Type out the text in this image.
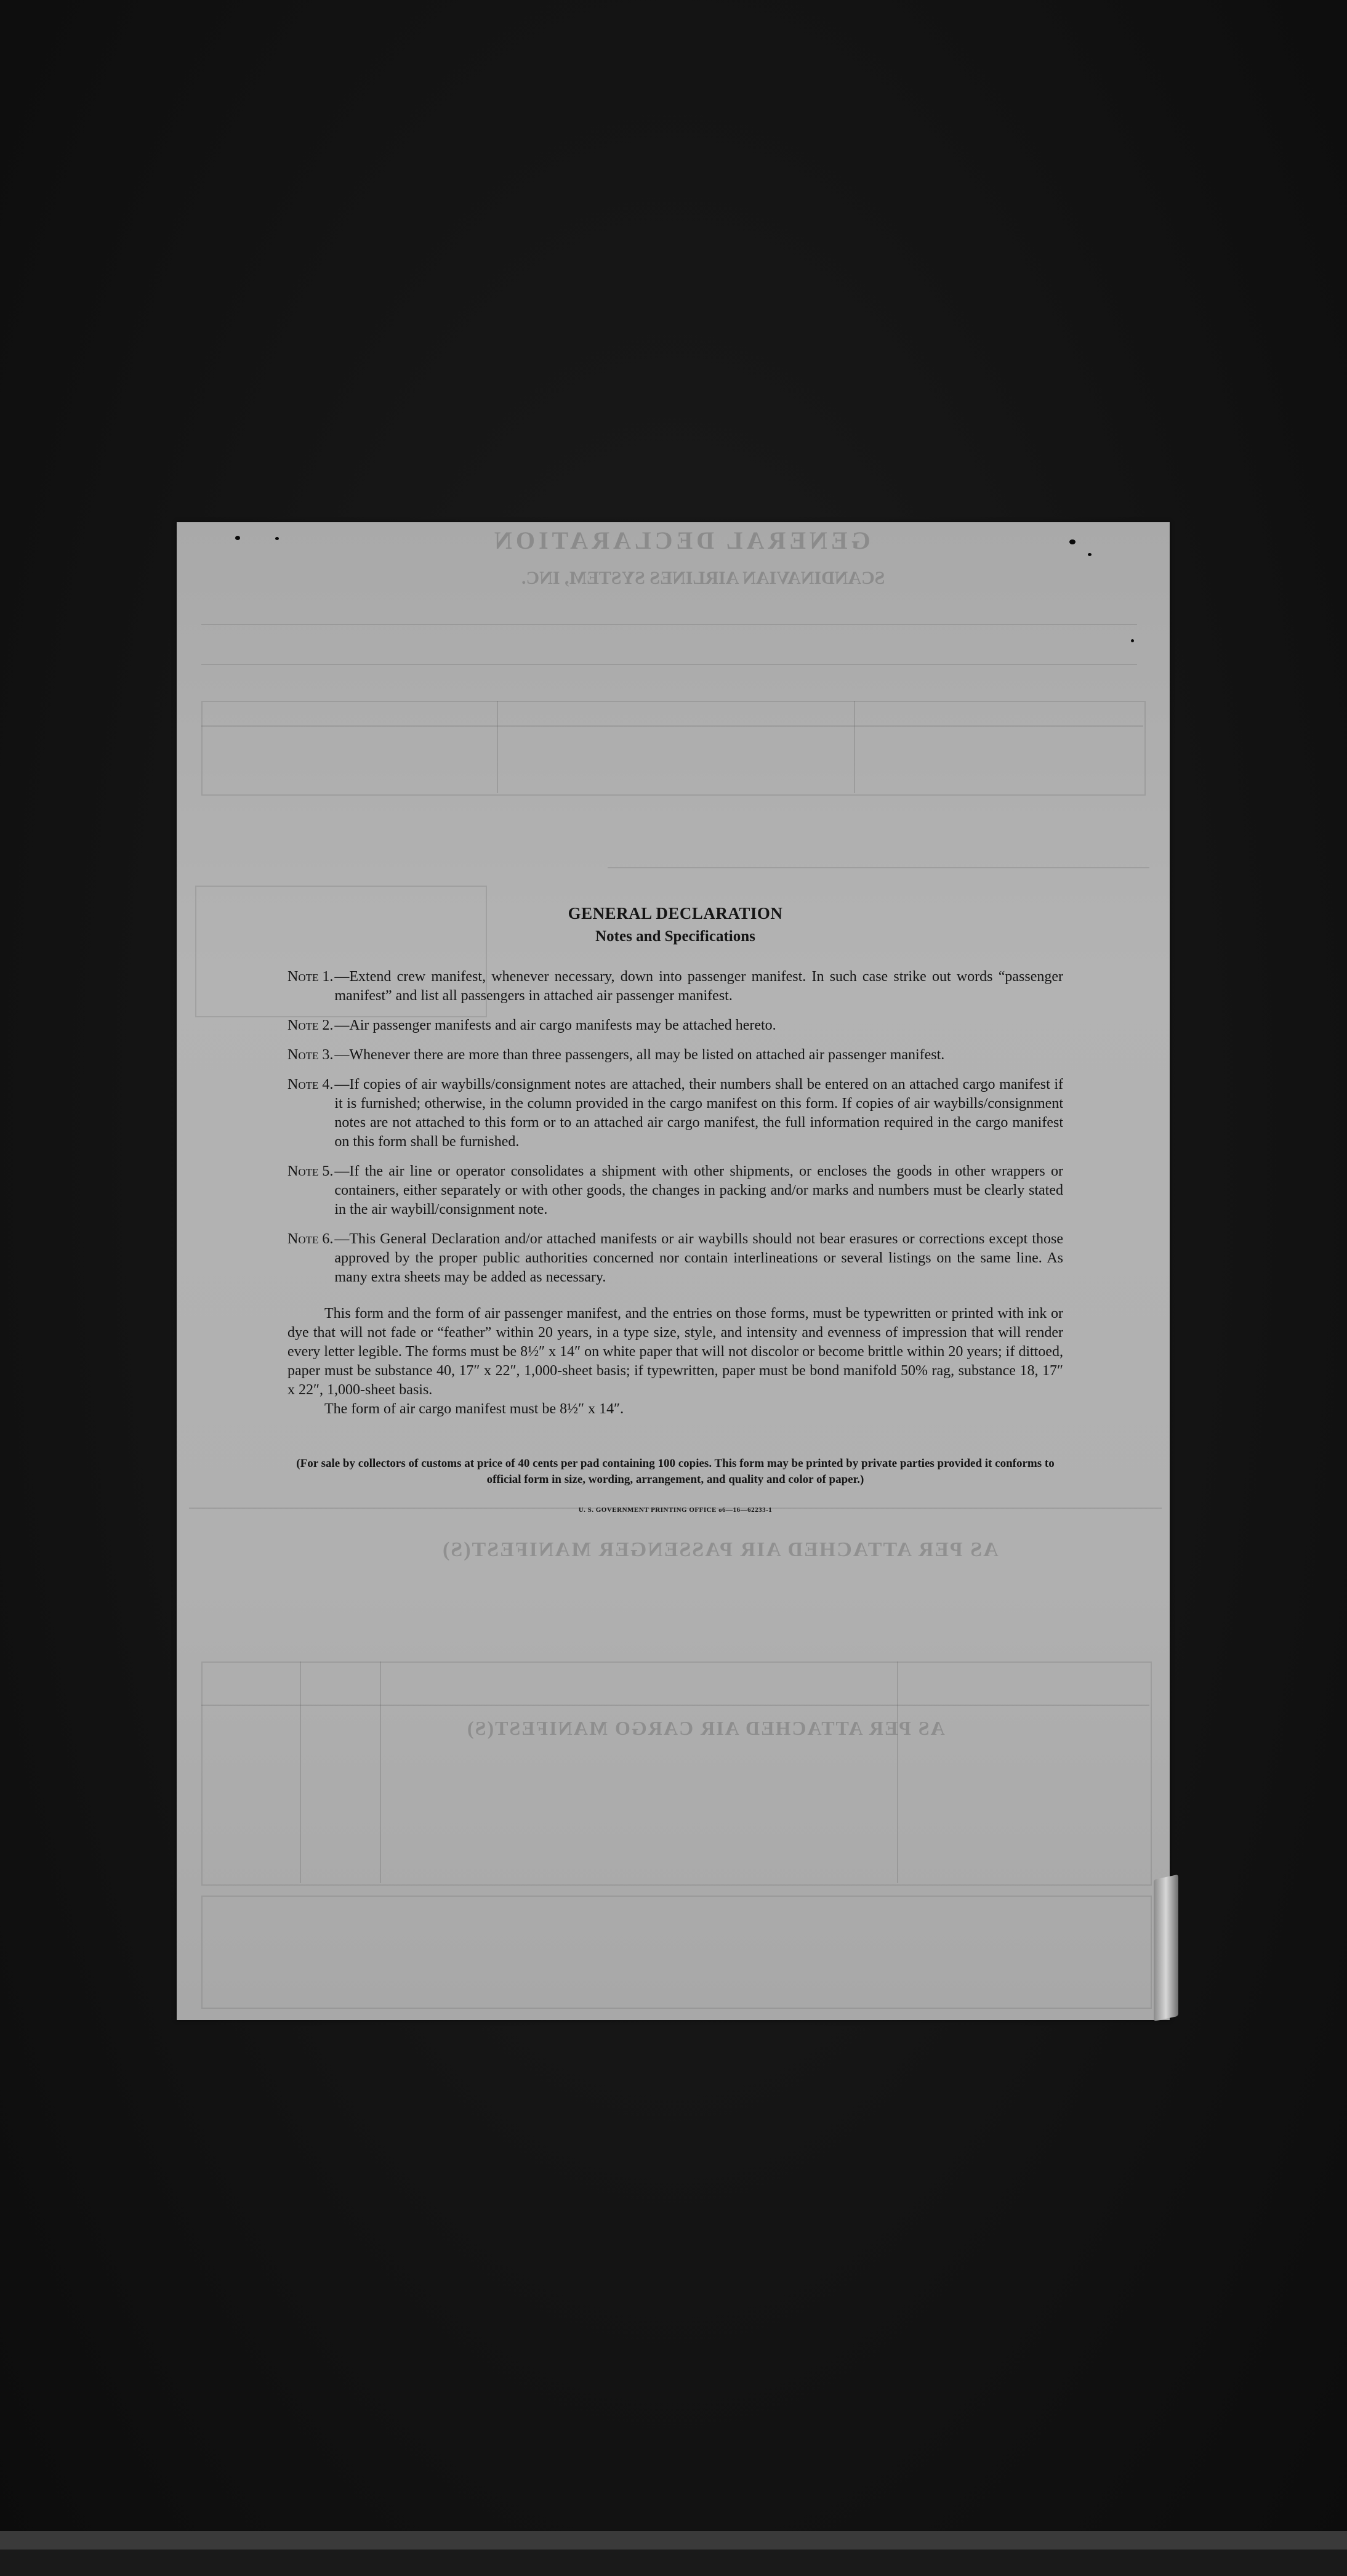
GENERAL DECLARATION
SCANDINAVIAN AIRLINES SYSTEM, INC.
AS PER ATTACHED AIR PASSENGER MANIFEST(S)
AS PER ATTACHED AIR CARGO MANIFEST(S)
GENERAL DECLARATION
Notes and Specifications
Note 1. —Extend crew manifest, whenever necessary, down into passenger manifest. In such case strike out words “passenger manifest” and list all passengers in attached air passenger manifest.
Note 2. —Air passenger manifests and air cargo manifests may be attached hereto.
Note 3. —Whenever there are more than three passengers, all may be listed on attached air passenger manifest.
Note 4. —If copies of air waybills/consignment notes are attached, their numbers shall be entered on an attached cargo manifest if it is furnished; otherwise, in the column provided in the cargo manifest on this form. If copies of air waybills/consignment notes are not attached to this form or to an attached air cargo manifest, the full information required in the cargo manifest on this form shall be furnished.
Note 5. —If the air line or operator consolidates a shipment with other shipments, or encloses the goods in other wrappers or containers, either separately or with other goods, the changes in packing and/or marks and numbers must be clearly stated in the air waybill/consignment note.
Note 6. —This General Declaration and/or attached manifests or air waybills should not bear erasures or corrections except those approved by the proper public authorities concerned nor contain interlineations or several listings on the same line. As many extra sheets may be added as necessary.

This form and the form of air passenger manifest, and the entries on those forms, must be typewritten or printed with ink or dye that will not fade or “feather” within 20 years, in a type size, style, and intensity and evenness of impression that will render every letter legible. The forms must be 8½″ x 14″ on white paper that will not discolor or become brittle within 20 years; if dittoed, paper must be substance 40, 17″ x 22″, 1,000-sheet basis; if typewritten, paper must be bond manifold 50% rag, substance 18, 17″ x 22″, 1,000-sheet basis.

The form of air cargo manifest must be 8½″ x 14″.

(For sale by collectors of customs at price of 40 cents per pad containing 100 copies. This form may be printed by private parties provided it conforms to official form in size, wording, arrangement, and quality and color of paper.)

U. S. GOVERNMENT PRINTING OFFICE o6—16—62233-1
